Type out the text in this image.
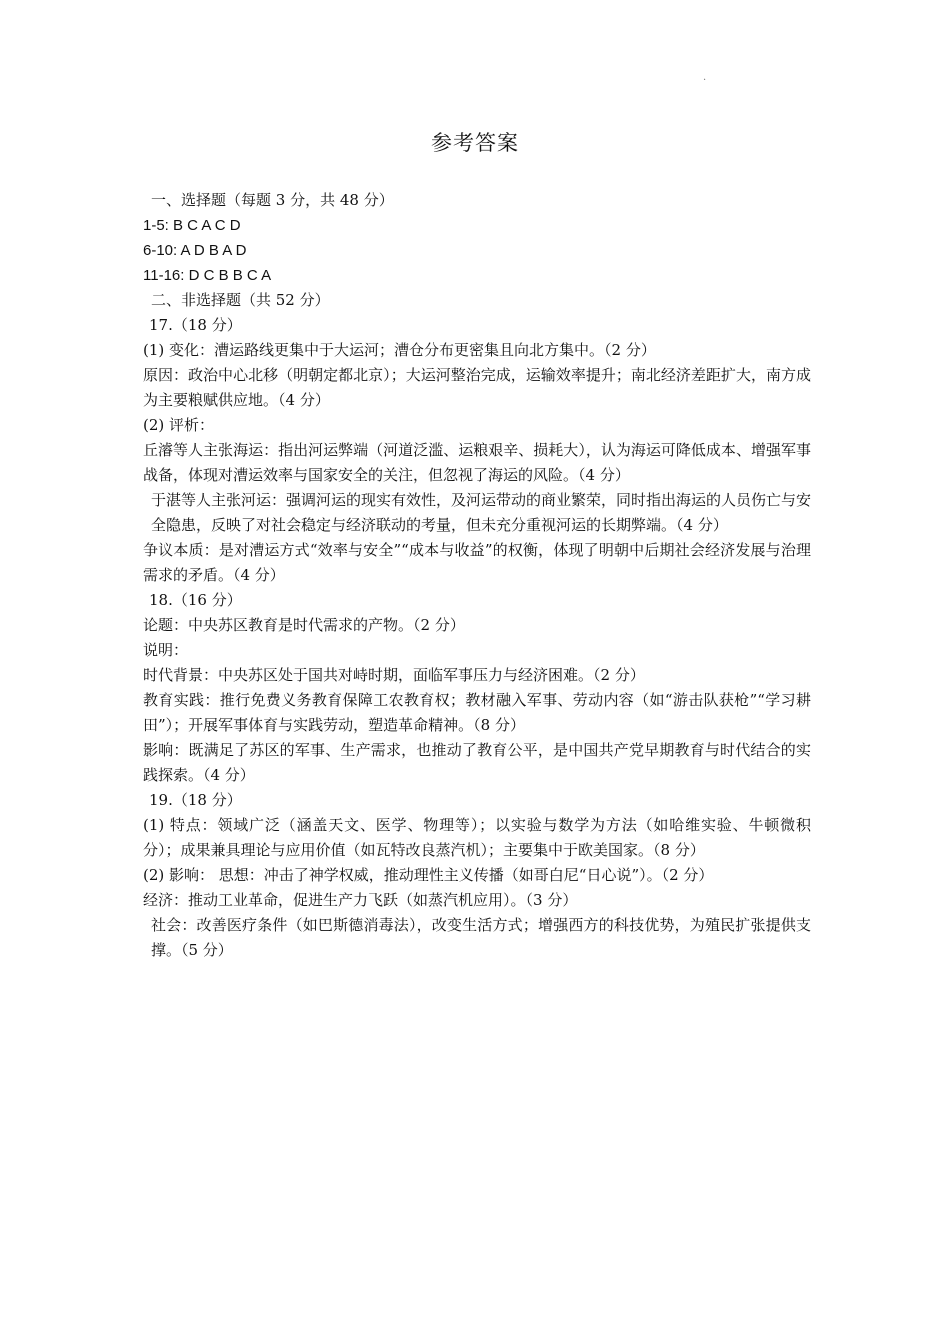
.
参考答案

一、选择题（每题 3 分，共 48 分）

1-5: B C A C D

6-10: A D B A D

11-16: D C B B C A

二、非选择题（共 52 分）

17.（18 分）

(1) 变化：漕运路线更集中于大运河；漕仓分布更密集且向北方集中。（2 分）

原因：政治中心北移（明朝定都北京）；大运河整治完成，运输效率提升；南北经济差距扩大，南方成为主要粮赋供应地。（4 分）

(2) 评析：

丘濬等人主张海运：指出河运弊端（河道泛滥、运粮艰辛、损耗大），认为海运可降低成本、增强军事战备，体现对漕运效率与国家安全的关注，但忽视了海运的风险。（4 分）

于湛等人主张河运：强调河运的现实有效性，及河运带动的商业繁荣，同时指出海运的人员伤亡与安全隐患，反映了对社会稳定与经济联动的考量，但未充分重视河运的长期弊端。（4 分）

争议本质：是对漕运方式“效率与安全”“成本与收益”的权衡，体现了明朝中后期社会经济发展与治理需求的矛盾。（4 分）

18.（16 分）

论题：中央苏区教育是时代需求的产物。（2 分）

说明：

时代背景：中央苏区处于国共对峙时期，面临军事压力与经济困难。（2 分）

教育实践：推行免费义务教育保障工农教育权；教材融入军事、劳动内容（如“游击队获枪”“学习耕田”）；开展军事体育与实践劳动，塑造革命精神。（8 分）

影响：既满足了苏区的军事、生产需求，也推动了教育公平，是中国共产党早期教育与时代结合的实践探索。（4 分）

19.（18 分）

(1) 特点：领域广泛（涵盖天文、医学、物理等）；以实验与数学为方法（如哈维实验、牛顿微积分）；成果兼具理论与应用价值（如瓦特改良蒸汽机）；主要集中于欧美国家。（8 分）

(2) 影响： 思想：冲击了神学权威，推动理性主义传播（如哥白尼“日心说”）。（2 分）

经济：推动工业革命，促进生产力飞跃（如蒸汽机应用）。（3 分）

社会：改善医疗条件（如巴斯德消毒法），改变生活方式；增强西方的科技优势，为殖民扩张提供支撑。（5 分）
